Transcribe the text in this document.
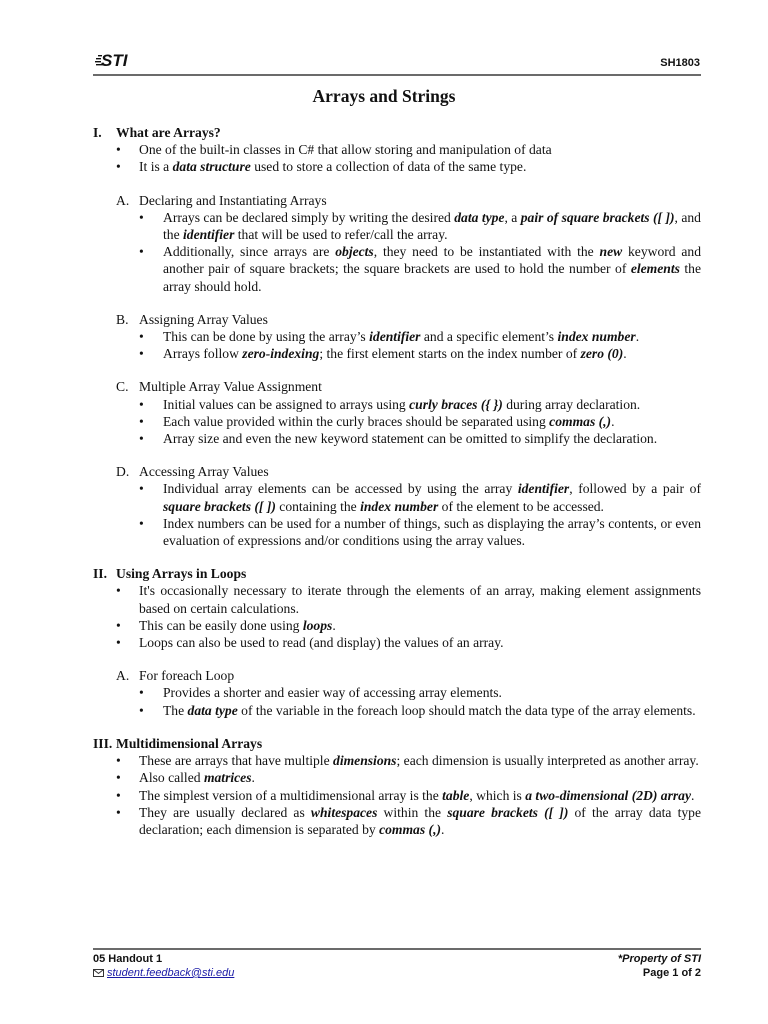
STI	SH1803
Arrays and Strings
I. What are Arrays?
• One of the built-in classes in C# that allow storing and manipulation of data
• It is a data structure used to store a collection of data of the same type.
A. Declaring and Instantiating Arrays
• Arrays can be declared simply by writing the desired data type, a pair of square brackets ([ ]), and the identifier that will be used to refer/call the array.
• Additionally, since arrays are objects, they need to be instantiated with the new keyword and another pair of square brackets; the square brackets are used to hold the number of elements the array should hold.
B. Assigning Array Values
• This can be done by using the array’s identifier and a specific element’s index number.
• Arrays follow zero-indexing; the first element starts on the index number of zero (0).
C. Multiple Array Value Assignment
• Initial values can be assigned to arrays using curly braces ({ }) during array declaration.
• Each value provided within the curly braces should be separated using commas (,).
• Array size and even the new keyword statement can be omitted to simplify the declaration.
D. Accessing Array Values
• Individual array elements can be accessed by using the array identifier, followed by a pair of square brackets ([ ]) containing the index number of the element to be accessed.
• Index numbers can be used for a number of things, such as displaying the array’s contents, or even evaluation of expressions and/or conditions using the array values.
II. Using Arrays in Loops
• It's occasionally necessary to iterate through the elements of an array, making element assignments based on certain calculations.
• This can be easily done using loops.
• Loops can also be used to read (and display) the values of an array.
A. For foreach Loop
• Provides a shorter and easier way of accessing array elements.
• The data type of the variable in the foreach loop should match the data type of the array elements.
III. Multidimensional Arrays
• These are arrays that have multiple dimensions; each dimension is usually interpreted as another array.
• Also called matrices.
• The simplest version of a multidimensional array is the table, which is a two-dimensional (2D) array.
• They are usually declared as whitespaces within the square brackets ([ ]) of the array data type declaration; each dimension is separated by commas (,).
05 Handout 1
student.feedback@sti.edu
*Property of STI
Page 1 of 2
